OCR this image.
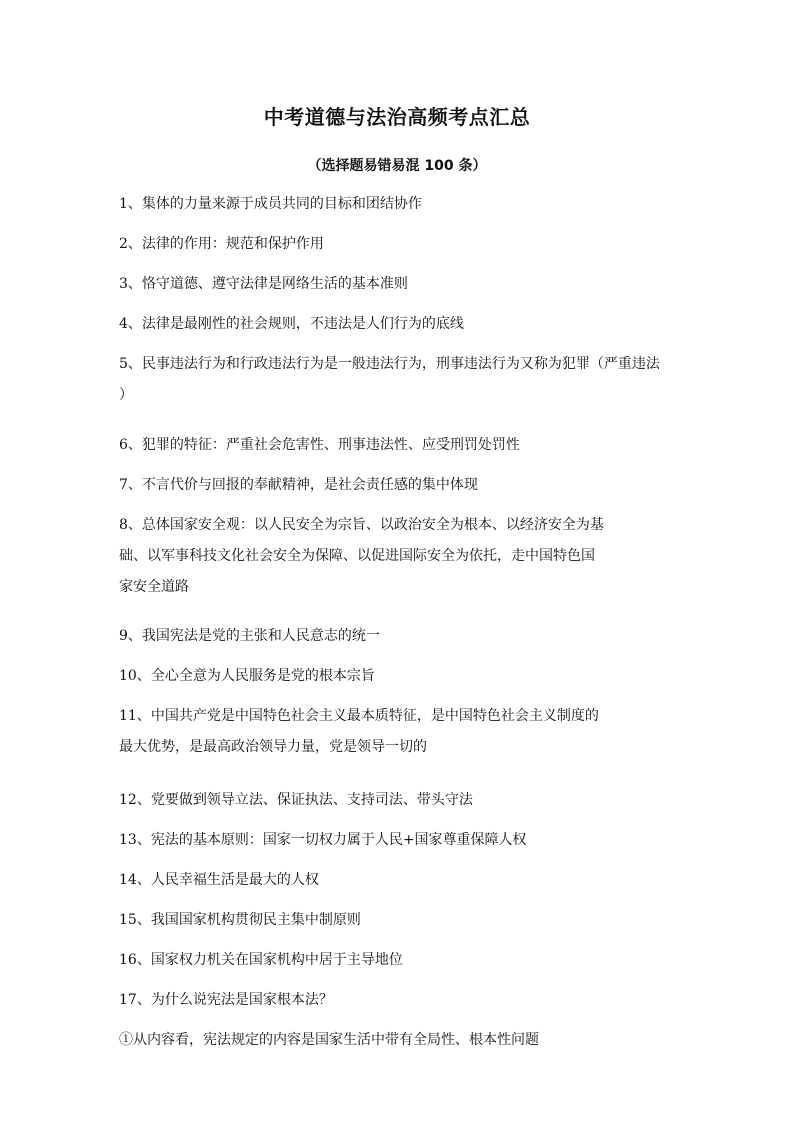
中考道德与法治高频考点汇总
（选择题易错易混 100 条）
1、集体的力量来源于成员共同的目标和团结协作
2、法律的作用：规范和保护作用
3、恪守道德、遵守法律是网络生活的基本准则
4、法律是最刚性的社会规则，不违法是人们行为的底线
5、民事违法行为和行政违法行为是一般违法行为，刑事违法行为又称为犯罪（严重违法
）
6、犯罪的特征：严重社会危害性、刑事违法性、应受刑罚处罚性
7、不言代价与回报的奉献精神，是社会责任感的集中体现
8、总体国家安全观：以人民安全为宗旨、以政治安全为根本、以经济安全为基
础、以军事科技文化社会安全为保障、以促进国际安全为依托，走中国特色国
家安全道路
9、我国宪法是党的主张和人民意志的统一
10、全心全意为人民服务是党的根本宗旨
11、中国共产党是中国特色社会主义最本质特征，是中国特色社会主义制度的
最大优势，是最高政治领导力量，党是领导一切的
12、党要做到领导立法、保证执法、支持司法、带头守法
13、宪法的基本原则：国家一切权力属于人民+国家尊重保障人权
14、人民幸福生活是最大的人权
15、我国国家机构贯彻民主集中制原则
16、国家权力机关在国家机构中居于主导地位
17、为什么说宪法是国家根本法？
①从内容看，宪法规定的内容是国家生活中带有全局性、根本性问题
